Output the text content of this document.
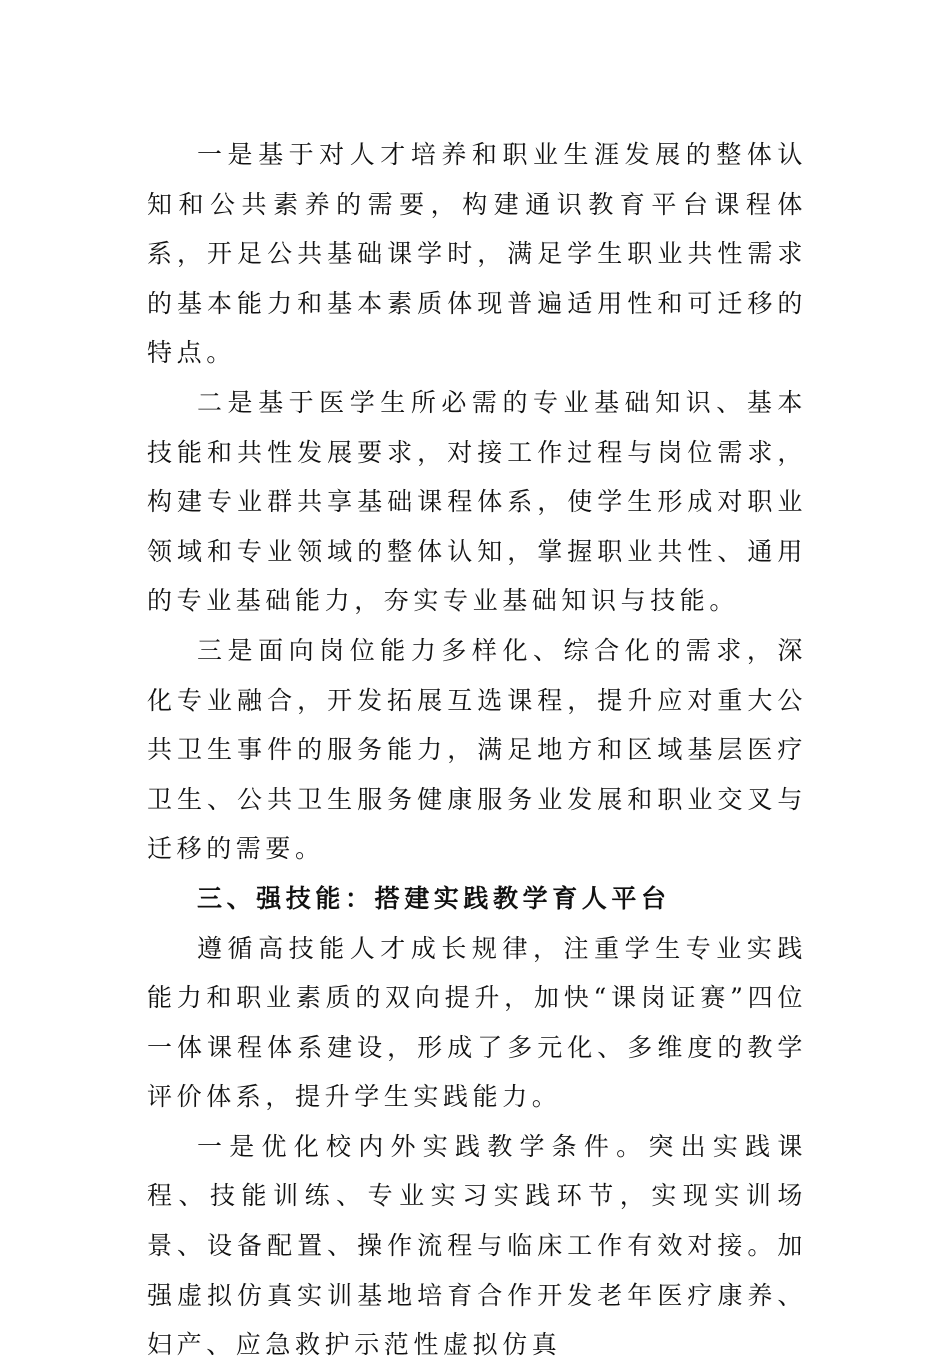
一是基于对人才培养和职业生涯发展的整体认知和公共素养的需要，构建通识教育平台课程体系，开足公共基础课学时，满足学生职业共性需求的基本能力和基本素质体现普遍适用性和可迁移的特点。

二是基于医学生所必需的专业基础知识、基本技能和共性发展要求，对接工作过程与岗位需求，构建专业群共享基础课程体系，使学生形成对职业领域和专业领域的整体认知，掌握职业共性、通用的专业基础能力，夯实专业基础知识与技能。

三是面向岗位能力多样化、综合化的需求，深化专业融合，开发拓展互选课程，提升应对重大公共卫生事件的服务能力，满足地方和区域基层医疗卫生、公共卫生服务健康服务业发展和职业交叉与迁移的需要。

三、强技能：搭建实践教学育人平台

遵循高技能人才成长规律，注重学生专业实践能力和职业素质的双向提升，加快“课岗证赛”四位一体课程体系建设，形成了多元化、多维度的教学评价体系，提升学生实践能力。

一是优化校内外实践教学条件。突出实践课程、技能训练、专业实习实践环节，实现实训场景、设备配置、操作流程与临床工作有效对接。加强虚拟仿真实训基地培育合作开发老年医疗康养、妇产、应急救护示范性虚拟仿真
